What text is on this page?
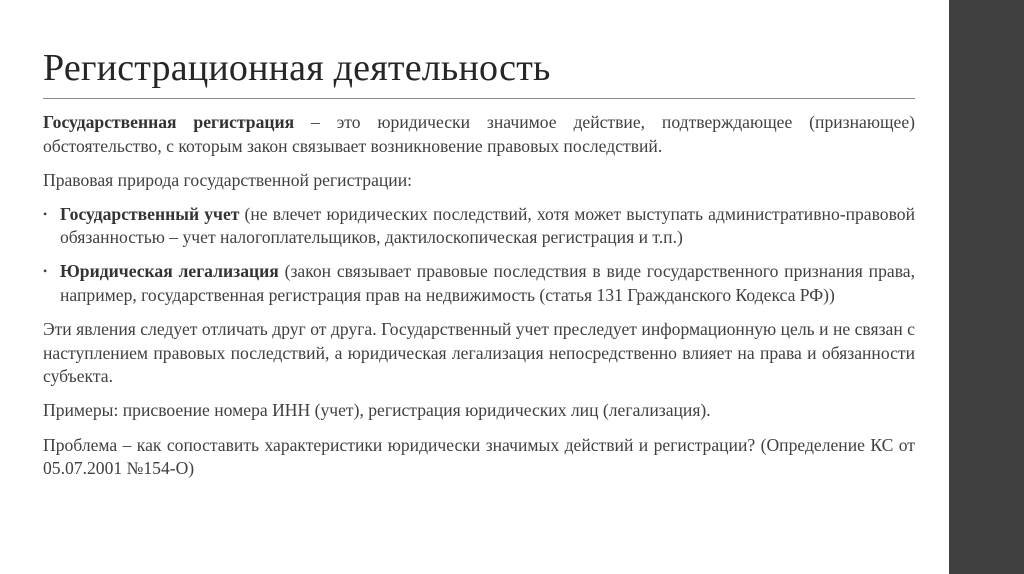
Регистрационная деятельность

Государственная регистрация – это юридически значимое действие, подтверждающее (признающее) обстоятельство, с которым закон связывает возникновение правовых последствий.

Правовая природа государственной регистрации:

• Государственный учет (не влечет юридических последствий, хотя может выступать административно-правовой обязанностью – учет налогоплательщиков, дактилоскопическая регистрация и т.п.)
• Юридическая легализация (закон связывает правовые последствия в виде государственного признания права, например, государственная регистрация прав на недвижимость (статья 131 Гражданского Кодекса РФ))

Эти явления следует отличать друг от друга. Государственный учет преследует информационную цель и не связан с наступлением правовых последствий, а юридическая легализация непосредственно влияет на права и обязанности субъекта.

Примеры: присвоение номера ИНН (учет), регистрация юридических лиц (легализация).

Проблема – как сопоставить характеристики юридически значимых действий и регистрации? (Определение КС от 05.07.2001 №154-О)
